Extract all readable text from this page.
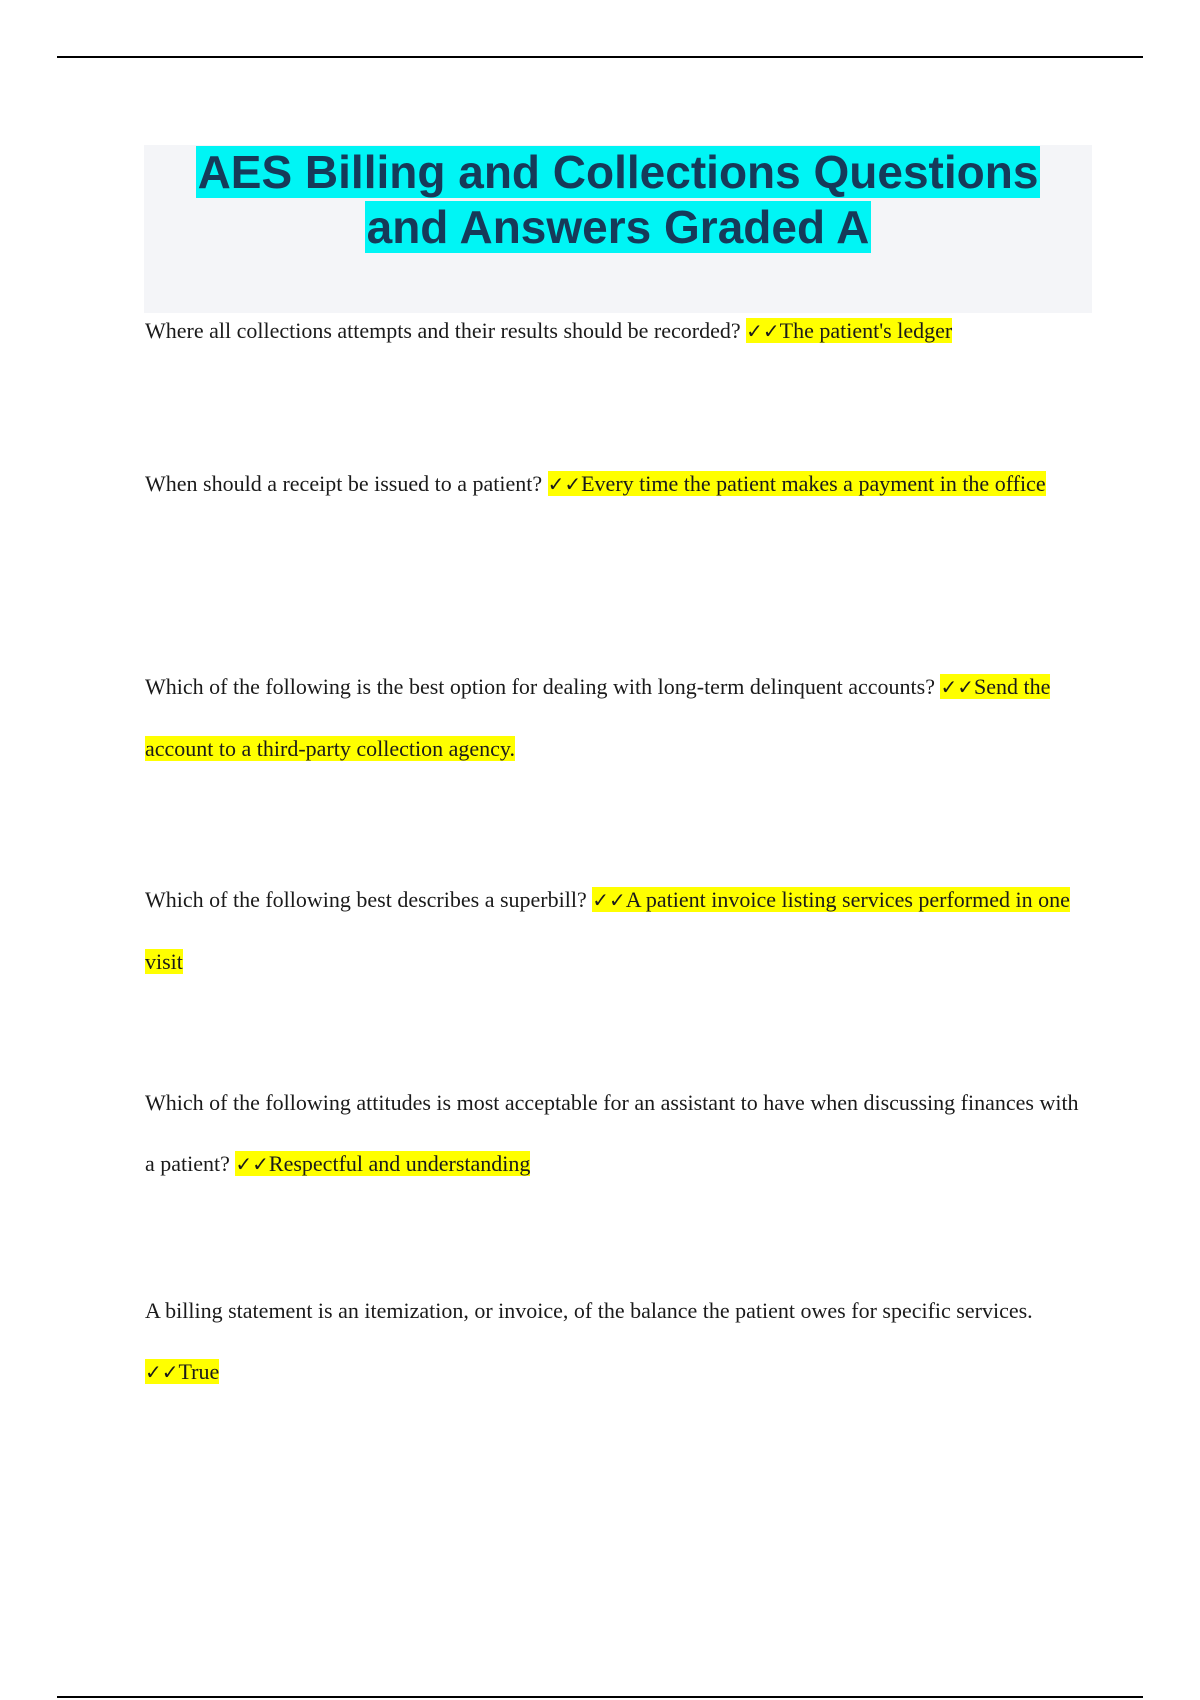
AES Billing and Collections Questions
and Answers Graded A

Where all collections attempts and their results should be recorded? ✓✓The patient's ledger

When should a receipt be issued to a patient? ✓✓Every time the patient makes a payment in the office

Which of the following is the best option for dealing with long-term delinquent accounts? ✓✓Send the account to a third-party collection agency.

Which of the following best describes a superbill? ✓✓A patient invoice listing services performed in one visit

Which of the following attitudes is most acceptable for an assistant to have when discussing finances with a patient? ✓✓Respectful and understanding

A billing statement is an itemization, or invoice, of the balance the patient owes for specific services. ✓✓True
